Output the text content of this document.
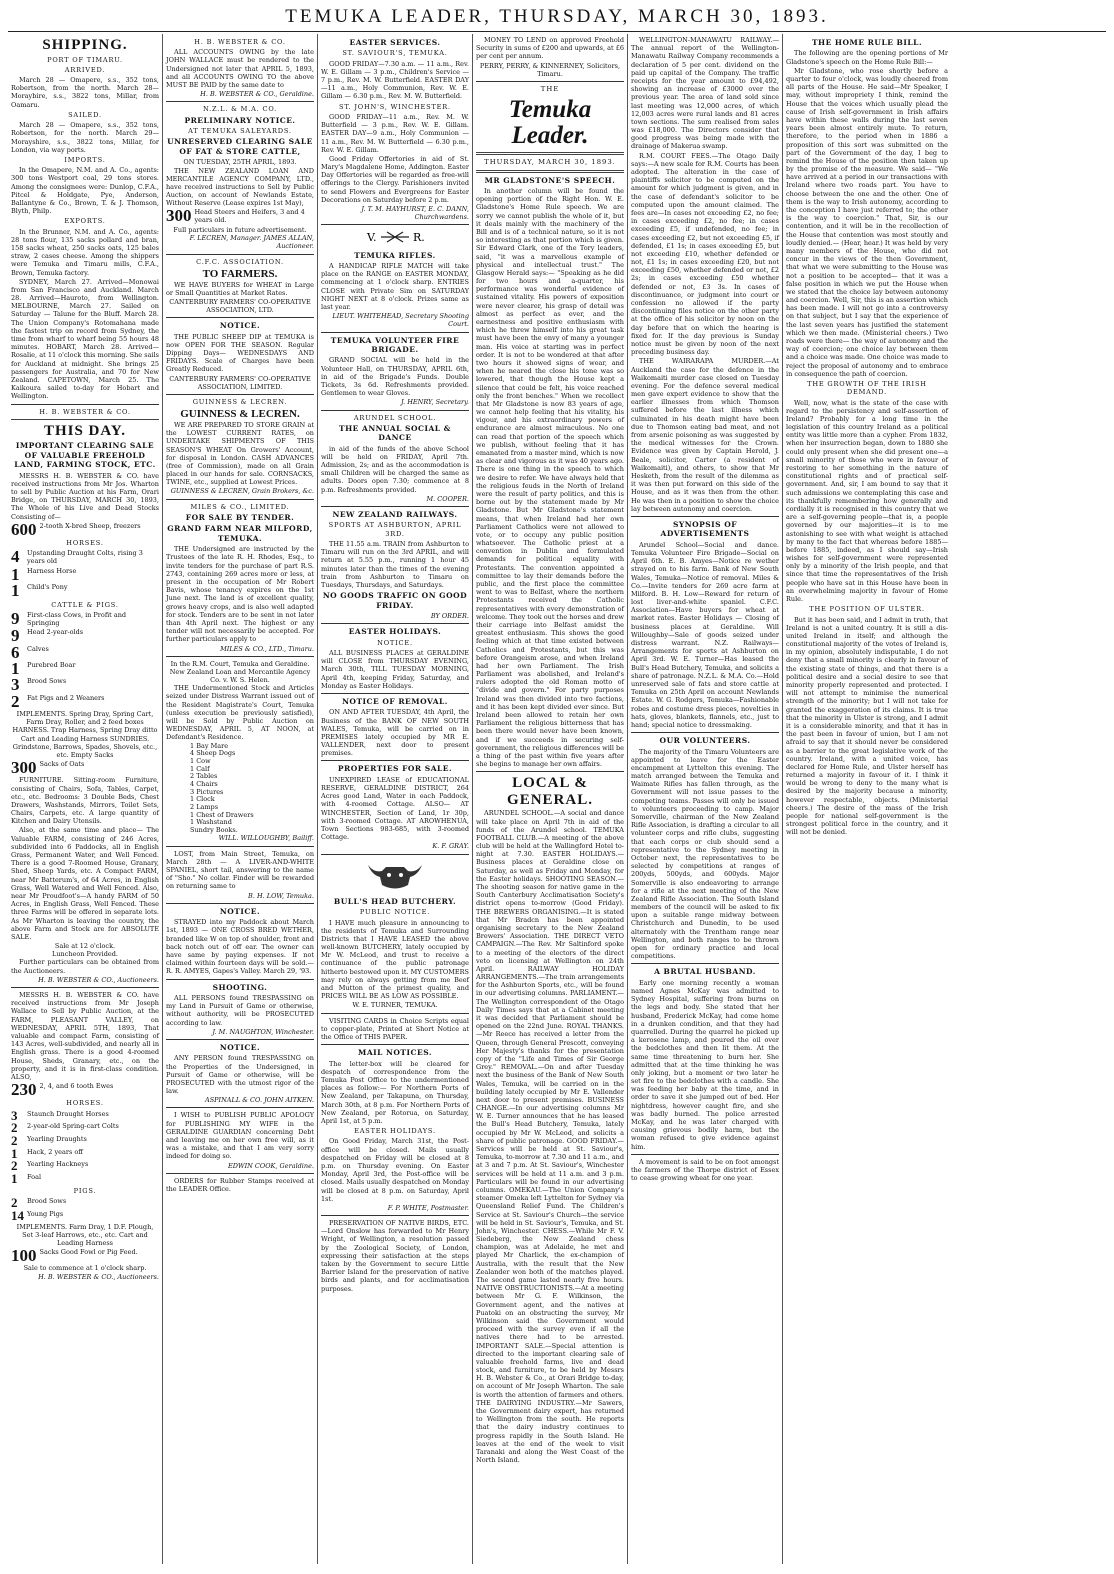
TEMUKA LEADER, THURSDAY, MARCH 30, 1893.
SHIPPING.
PORT OF TIMARU.
ARRIVED.
March 28 — Omapere, s.s., 352 tons, Robertson, from the north. March 28—Moraybire, s.s., 3822 tons, Millar, from Oamaru.
SAILED.
March 28 — Omapere, s.s., 352 tons, Robertson, for the north. March 29—Morayshire, s.s., 3822 tons, Millar, for London, via way ports.
IMPORTS.
In the Omapere, N.M. and A. Co., agents: 300 tons Westport coal, 29 tons stores. Among the consignees were: Dunlop, C.F.A., Pitcel & Holdgate, Pye, Anderson, Ballantyne & Co., Brown, T. & J. Thomson, Blyth, Philp.
EXPORTS.
In the Brunner, N.M. and A. Co., agents: 28 tons flour, 135 sacks pollard and bran, 158 sacks wheat, 250 sacks oats, 125 bales straw, 2 cases cheese. Among the shippers were Temuka and Timaru mills, C.F.A., Brown, Temuka factory.
SYDNEY, March 27. Arrived—Monowai from San Francisco and Auckland. March 28. Arrived—Hauroto, from Wellington. MELBOURNE, March 27. Sailed on Saturday — Talune for the Bluff. March 28. The Union Company's Rotomahana made the fastest trip on record from Sydney, the time from wharf to wharf being 55 hours 48 minutes. HOBART, March 28. Arrived—Rosalie, at 11 o'clock this morning. She sails for Auckland at midnight. She brings 25 passengers for Australia, and 70 for New Zealand. CAPETOWN, March 25. The Kaikoura sailed to-day for Hobart and Wellington.
H. B. WEBSTER & CO.
THIS DAY.
IMPORTANT CLEARING SALE OF VALUABLE FREEHOLD LAND, FARMING STOCK, ETC.
MESSRS H. B. WEBSTER & CO. have received instructions from Mr Jos. Wharton to sell by Public Auction at his Farm, Orari Bridge, on THURSDAY, MARCH 30, 1893, The Whole of his Live and Dead Stocks Consisting of—
600 2-tooth X-bred Sheep, freezers
HORSES.
4	Upstanding Draught Colts, rising 3 years old
1	Harness Horse
1	Child's Pony
CATTLE & PIGS.
9	First-class Cows, in Profit and Springing
9	Head 2-year-olds
6	Calves
1	Purebred Boar
3	Brood Sows
2	Fat Pigs and 2 Weaners
IMPLEMENTS. Spring Dray, Spring Cart, Farm Dray, Roller, and 2 feed boxes HARNESS. Trap Harness, Spring Dray ditto Cart and Leading Harness SUNDRIES. Grindstone, Barrows, Spades, Shovels, etc., etc. Empty Sacks
300 Sacks of Oats
FURNITURE. Sitting-room Furniture, consisting of Chairs, Sofa, Tables, Carpet, etc., etc. Bedrooms: 3 Double Beds, Chest Drawers, Washstands, Mirrors, Toilet Sets, Chairs, Carpets, etc. A large quantity of Kitchen and Dairy Utensils.
Also, at the same time and place— The Valuable FARM, consisting of 246 Acres, subdivided into 6 Paddocks, all in English Grass, Permanent Water, and Well Fenced. There is a good 7-Roomed House, Granary, Shed, Sheep Yards, etc. A Compact FARM, near Mr Batterum's, of 64 Acres, in English Grass, Well Watered and Well Fenced. Also, near Mr Proudfoot's—A handy FARM of 50 Acres, in English Grass, Well Fenced. These three Farms will be offered in separate lots. As Mr Wharton is leaving the country, the above Farm and Stock are for ABSOLUTE SALE.
Sale at 12 o'clock.
Luncheon Provided.
Further particulars can be obtained from the Auctioneers.
H. B. WEBSTER & CO., Auctioneers.
MESSRS H. B. WEBSTER & CO. have received instructions from Mr Joseph Wallace to Sell by Public Auction, at the FARM, PLEASANT VALLEY, on WEDNESDAY, APRIL 5TH, 1893, That valuable and compact Farm, consisting of 143 Acres, well-subdivided, and nearly all in English grass. There is a good 4-roomed House, Sheds, Granary, etc., on the property, and it is in first-class condition. ALSO,
230 2, 4, and 6 tooth Ewes
HORSES.
3	Staunch Draught Horses
2	2-year-old Spring-cart Colts
2	Yearling Draughts
1	Hack, 2 years off
2	Yearling Hackneys
1	Foal
PIGS.
2	Brood Sows
14 Young Pigs
IMPLEMENTS. Farm Dray, 1 D.F. Plough, Set 3-leaf Harrows, etc., etc. Cart and Leading Harness
100 Sacks Good Fowl or Pig Feed.
Sale to commence at 1 o'clock sharp.
H. B. WEBSTER & CO., Auctioneers.
H. B. WEBSTER & CO.
ALL ACCOUNTS OWING by the late JOHN WALLACE must be rendered to the Undersigned not later that APRIL 5, 1893, and all ACCOUNTS OWING TO the above MUST BE PAID by the same date to
H. B. WEBSTER & CO., Geraldine.
N.Z.L. & M.A. CO.
PRELIMINARY NOTICE.
AT TEMUKA SALEYARDS.
UNRESERVED CLEARING SALE OF FAT & STORE CATTLE,
ON TUESDAY, 25TH APRIL, 1893.
THE NEW ZEALAND LOAN AND MERCANTILE AGENCY COMPANY, LTD., have received instructions to Sell by Public Auction, on account of Newlands Estate, Without Reserve (Lease expires 1st May),
300 Head Steers and Heifers, 3 and 4 years old.
Full particulars in future advertisement.
F. LECREN, Manager. JAMES ALLAN, Auctioneer.
C.F.C. ASSOCIATION.
TO FARMERS.
WE HAVE BUYERS for WHEAT in Large or Small Quantities at Market Rates.
CANTERBURY FARMERS' CO-OPERATIVE ASSOCIATION, LTD.
NOTICE.
THE PUBLIC SHEEP DIP at TEMUKA is now OPEN FOR THE SEASON. Regular Dipping Days— WEDNESDAYS AND FRIDAYS. Scale of Charges have been Greatly Reduced.
CANTERBURY FARMERS' CO-OPERATIVE ASSOCIATION, LIMITED.
GUINNESS & LECREN.
GUINNESS & LECREN.
WE ARE PREPARED TO STORE GRAIN at the LOWEST CURRENT RATES, on UNDERTAKE SHIPMENTS OF THIS SEASON'S WHEAT On Growers' Account, for disposal in London. CASH ADVANCES (free of Commission), made on all Grain placed in our hands for sale. CORNSACKS, TWINE, etc., supplied at Lowest Prices.
GUINNESS & LECREN, Grain Brokers, &c.
MILES & CO., LIMITED.
FOR SALE BY TENDER.
GRAND FARM NEAR MILFORD, TEMUKA.
THE Undersigned are instructed by the Trustees of the late R. H. Rhodes, Esq., to invite tenders for the purchase of part R.S. 2743, containing 269 acres more or less, at present in the occupation of Mr Robert Bavis, whose tenancy expires on the 1st June next. The land is of excellent quality, grows heavy crops, and is also well adapted for stock. Tenders are to be sent in not later than 4th April next. The highest or any tender will not necessarily be accepted. For further particulars apply to
MILES & CO., LTD., Timaru.
In the R.M. Court, Temuka and Geraldine. New Zealand Loan and Mercantile Agency Co. v. W. S. Helen.
THE Undermentioned Stock and Articles seized under Distress Warrant issued out of the Resident Magistrate's Court, Temuka (unless execution be previously satisfied), will be Sold by Public Auction on WEDNESDAY, APRIL 5, AT NOON, at Defendant's Residence.
1 Bay Mare
4 Sheep Dogs
1 Cow
1 Calf
2 Tables
4 Chairs
3 Pictures
1 Clock
2 Lamps
1 Chest of Drawers
1 Washstand
Sundry Books.
WILL. WILLOUGHBY, Bailiff.
LOST, from Main Street, Temuka, on March 28th — A LIVER-AND-WHITE SPANIEL, short tail, answering to the name of "Sho." No collar. Finder will be rewarded on returning same to
B. H. LOW, Temuka.
NOTICE.
STRAYED into my Paddock about March 1st, 1893 — ONE CROSS BRED WETHER, branded like W on top of shoulder, front and back notch out of off ear. The owner can have same by paying expenses. If not claimed within fourteen days will be sold.—R. R. AMYES, Gapes's Valley. March 29, '93.
SHOOTING.
ALL PERSONS found TRESPASSING on my Land in Pursuit of Game or otherwise, without authority, will be PROSECUTED according to law.
J. M. NAUGHTON, Winchester.
NOTICE.
ANY PERSON found TRESPASSING on the Properties of the Undersigned, in Pursuit of Game or otherwise, will be PROSECUTED with the utmost rigor of the law.
ASPINALL & CO. JOHN AITKEN.
I WISH to PUBLISH PUBLIC APOLOGY for PUBLISHING MY WIFE in the GERALDINE GUARDIAN concerning Debt and leaving me on her own free will, as it was a mistake, and that I am very sorry indeed for doing so.
EDWIN COOK, Geraldine.
ORDERS for Rubber Stamps received at the LEADER Office.
EASTER SERVICES.
ST. SAVIOUR'S, TEMUKA.
GOOD FRIDAY—7.30 a.m. — 11 a.m., Rev. W. E. Gillam — 3 p.m., Children's Service — 7 p.m., Rev. M. W. Butterfield. EASTER DAY—11 a.m., Holy Communion, Rev. W. E. Gillam — 6.30 p.m., Rev. M. W. Butterfield.
ST. JOHN'S, WINCHESTER.
GOOD FRIDAY—11 a.m., Rev. M. W. Butterfield — 3 p.m., Rev. W. E. Gillam. EASTER DAY—9 a.m., Holy Communion — 11 a.m., Rev. M. W. Butterfield — 6.30 p.m., Rev. W. E. Gillam.
Good Friday Offertories in aid of St. Mary's Magdalene Home, Addington. Easter Day Offertories will be regarded as free-will offerings to the Clergy. Parishioners invited to send Flowers and Evergreens for Easter Decorations on Saturday before 2 p.m.
J. T. M. HAYHURST, E. C. DANN, Churchwardens.
V.	R.
TEMUKA RIFLES.
A HANDICAP RIFLE MATCH will take place on the RANGE on EASTER MONDAY, commencing at 1 o'clock sharp. ENTRIES CLOSE with Private Sim on SATURDAY NIGHT NEXT at 8 o'clock. Prizes same as last year.
LIEUT. WHITEHEAD, Secretary Shooting Court.
TEMUKA VOLUNTEER FIRE BRIGADE.
GRAND SOCIAL will be held in the Volunteer Hall, on THURSDAY, APRIL 6th, in aid of the Brigade's Funds. Double Tickets, 3s 6d. Refreshments provided. Gentlemen to wear Gloves.
J. HENRY, Secretary.
ARUNDEL SCHOOL.
THE ANNUAL SOCIAL & DANCE
in aid of the funds of the above School will be held on FRIDAY, April 7th. Admission, 2s; and as the accommodation is small Children will be charged the same as adults. Doors open 7.30; commence at 8 p.m. Refreshments provided.
M. COOPER.
NEW ZEALAND RAILWAYS.
SPORTS AT ASHBURTON, APRIL 3RD.
THE 11.55 a.m. TRAIN from Ashburton to Timaru will run on the 3rd APRIL, and will return at 5.55 p.m., running 1 hour 45 minutes later than the times of the evening train from Ashburton to Timaru on Tuesdays, Thursdays, and Saturdays.
NO GOODS TRAFFIC ON GOOD FRIDAY.
BY ORDER.
EASTER HOLIDAYS.
NOTICE.
ALL BUSINESS PLACES at GERALDINE will CLOSE from THURSDAY EVENING, March 30th, TILL TUESDAY MORNING, April 4th, keeping Friday, Saturday, and Monday as Easter Holidays.
NOTICE OF REMOVAL.
ON AND AFTER TUESDAY, 4th April, the Business of the BANK OF NEW SOUTH WALES, Temuka, will be carried on in PREMISES lately occupied by MR E. VALLENDER, next door to present premises.
PROPERTIES FOR SALE.
UNEXPIRED LEASE of EDUCATIONAL RESERVE, GERALDINE DISTRICT, 264 Acres good Land, Water in each Paddock, with 4-roomed Cottage. ALSO— AT WINCHESTER, Section of Land, 1r 30p, with 3-roomed Cottage. AT AROWHENUA, Town Sections 983-685, with 3-roomed Cottage.
K. F. GRAY.
BULL'S HEAD BUTCHERY.
PUBLIC NOTICE.
I HAVE much pleasure in announcing to the residents of Temuka and Surrounding Districts that I HAVE LEASED the above well-known BUTCHERY, lately occupied by Mr W. McLeod, and trust to receive a continuance of the public patronage hitherto bestowed upon it. MY CUSTOMERS may rely on always getting from me Beef and Mutton of the primest quality, and PRICES WILL BE AS LOW AS POSSIBLE.
W. E. TURNER, TEMUKA.
VISITING CARDS in Choice Scripts equal to copper-plate, Printed at Short Notice at the Office of THIS PAPER.
MAIL NOTICES.
The letter-box will be cleared for despatch of correspondence from the Temuka Post Office to the undermentioned places as follow:— For Northern Ports of New Zealand, per Takapuna, on Thursday, March 30th, at 8 p.m. For Northern Ports of New Zealand, per Rotorua, on Saturday, April 1st, at 5 p.m.
EASTER HOLIDAYS.
On Good Friday, March 31st, the Post-office will be closed. Mails usually despatched on Friday will be closed at 8 p.m. on Thursday evening. On Easter Monday, April 3rd, the Post-office will be closed. Mails usually despatched on Monday will be closed at 8 p.m. on Saturday, April 1st.
F. P. WHITE, Postmaster.
PRESERVATION OF NATIVE BIRDS, ETC. —Lord Onslow has forwarded to Mr Henry Wright, of Wellington, a resolution passed by the Zoological Society, of London, expressing their satisfaction at the steps taken by the Government to secure Little Barrier Island for the preservation of native birds and plants, and for acclimatisation purposes.
MONEY TO LEND on approved Freehold Security in sums of £200 and upwards, at £6 per cent per annum.
PERRY, PERRY, & KINNERNEY, Solicitors, Timaru.
THE
Temuka Leader.
THURSDAY, MARCH 30, 1893.
MR GLADSTONE'S SPEECH.
In another column will be found the opening portion of the Right Hon. W. E. Gladstone's Home Rule speech. We are sorry we cannot publish the whole of it, but it deals mainly with the machinery of the Bill and is of a technical nature, so it is not so interesting as that portion which is given. Sir Edward Clark, one of the Tory leaders, said, "it was a marvellous example of physical and intellectual trust." The Glasgow Herald says:— "Speaking as he did for two hours and a-quarter, his performance was wonderful evidence of sustained vitality. His powers of exposition were never clearer, his grasp of detail was almost as perfect as ever, and the earnestness and positive enthusiasm with which he threw himself into his great task must have been the envy of many a younger man. His voice at starting was in perfect order. It is not to be wondered at that after two hours it showed signs of wear, and when he neared the close his tone was so lowered, that though the House kept a silence that could be felt, his voice reached only the front benches." When we recollect that Mr Gladstone is now 83 years of age, we cannot help feeling that his vitality, his vigour, and his extraordinary powers of endurance are almost miraculous. No one can read that portion of the speech which we publish, without feeling that it has emanated from a master mind, which is now as clear and vigorous as it was 40 years ago. There is one thing in the speech to which we desire to refer. We have always held that the religious feuds in the North of Ireland were the result of party politics, and this is borne out by the statement made by Mr Gladstone. But Mr Gladstone's statement means, that when Ireland had her own Parliament Catholics were not allowed to vote, or to occupy any public position whatsoever. The Catholic priest at a convention in Dublin and formulated demands for political equality with Protestants. The convention appointed a committee to lay their demands before the public, and the first place the committee went to was to Belfast, where the northern Protestants received the Catholic representatives with every demonstration of welcome. They took out the horses and drew their carriage into Belfast amidst the greatest enthusiasm. This shows the good feeling which at that time existed between Catholics and Protestants, but this was before Orangeism arose, and when Ireland had her own Parliament. The Irish Parliament was abolished, and Ireland's rulers adopted the old Roman motto of "divide and govern." For party purposes Ireland was then divided into two factions, and it has been kept divided ever since. But Ireland been allowed to retain her own Parliament the religious bitterness that has been there would never have been known, and if we succeeds in securing self-government, the religious differences will be a thing of the past within five years after she begins to manage her own affairs.
LOCAL & GENERAL.
ARUNDEL SCHOOL.—A social and dance will take place on April 7th in aid of the funds of the Arundel school. TEMUKA FOOTBALL CLUB.—A meeting of the above club will be held at the Wallingford Hotel to-night at 7.30. EASTER HOLIDAYS.—Business places at Geraldine close on Saturday, as well as Friday and Monday, for the Easter holidays. SHOOTING SEASON.—The shooting season for native game in the South Canterbury Acclimatisation Society's district opens to-morrow (Good Friday). THE BREWERS ORGANISING.—It is stated that Mr Bradcn has been appointed organising secretary to the New Zealand Brewers' Association. THE DIRECT VETO CAMPAIGN.—The Rev. Mr Saltinford spoke to a meeting of the electors of the direct veto on licensing at Wellington on 24th April. RAILWAY HOLIDAY ARRANGEMENTS.—The train arrangements for the Ashburton Sports, etc., will be found in our advertising columns. PARLIAMENT.—The Wellington correspondent of the Otago Daily Times says that at a Cabinet meeting it was decided that Parliament should be opened on the 22nd June. ROYAL THANKS.—Mr Reece has received a letter from the Queen, through General Prescott, conveying Her Majesty's thanks for the presentation copy of the "Life and Times of Sir George Grey." REMOVAL.—On and after Tuesday next the business of the Bank of New South Wales, Temuka, will be carried on in the building lately occupied by Mr E. Vallender next door to present premises. BUSINESS CHANGE.—In our advertising columns Mr W. E. Turner announces that he has leased the Bull's Head Butchery, Temuka, lately occupied by Mr W. McLeod, and solicits a share of public patronage. GOOD FRIDAY.—Services will be held at St. Saviour's, Temuka, to-morrow at 7.30 and 11 a.m., and at 3 and 7 p.m. At St. Saviour's, Winchester services will be held at 11 a.m. and 3 p.m. Particulars will be found in our advertising columns. OMEKAU.—The Union Company's steamer Omeka left Lyttelton for Sydney via Queensland Relief Fund. The Children's Service at St. Saviour's Church—the service will be held in St. Saviour's, Temuka, and St. John's, Winchester. CHESS.—While Mr F. V. Siedeberg, the New Zealand chess champion, was at Adelaide, he met and played Mr Charlick, the ex-champion of Australia, with the result that the New Zealander won both of the matches played. The second game lasted nearly five hours. NATIVE OBSTRUCTIONISTS.—At a meeting between Mr G. F. Wilkinson, the Government agent, and the natives at Puatoki on an obstructing the survey, Mr Wilkinson said the Government would proceed with the survey even if all the natives there had to be arrested. IMPORTANT SALE.—Special attention is directed to the important clearing sale of valuable freehold farms, live and dead stock, and furniture, to be held by Messrs H. B. Webster & Co., at Orari Bridge to-day, on account of Mr Joseph Wharton. The sale is worth the attention of farmers and others. THE DAIRYING INDUSTRY.—Mr Sawers, the Government dairy expert, has returned to Wellington from the south. He reports that the dairy industry continues to progress rapidly in the South Island. He leaves at the end of the week to visit Taranaki and along the West Coast of the North Island.
WELLINGTON-MANAWATU RAILWAY.—The annual report of the Wellington-Manawatu Railway Company recommends a declaration of 5 per cent. dividend on the paid up capital of the Company. The traffic receipts for the year amount to £94,492, showing an increase of £3000 over the previous year. The area of land sold since last meeting was 12,000 acres, of which 12,003 acres were rural lands and 81 acres town sections. The sum realised from sales was £18,000. The Directors consider that good progress was being made with the drainage of Makerua swamp.
R.M. COURT FEES.—The Otago Daily says:—A new scale for R.M. Courts has been adopted. The alteration in the case of plaintiffs solicitor to be computed on the amount for which judgment is given, and in the case of defendant's solicitor to be computed upon the amount claimed. The fees are—In cases not exceeding £2, no fee; in cases exceeding £2, no fee; in cases exceeding £5, if undefended, no fee; in cases exceeding £2, but not exceeding £5, if defended, £1 1s; in cases exceeding £5, but not exceeding £10, whether defended or not, £1 1s; in cases exceeding £20, but not exceeding £50, whether defended or not, £2 2s; in cases exceeding £50 whether defended or not, £3 3s. In cases of discontinuance, or judgment into court or confession no allowed if the party discontinuing files notice on the other party at the office of his solicitor by noon on the day before that on which the hearing is fixed for. If the day previous is Sunday notice must be given by noon of the next preceding business day.
THE WAIRARAPA MURDER.—At Auckland the case for the defence in the Waikomaiti murder case closed on Tuesday evening. For the defence several medical men gave expert evidence to show that the earlier illnesses from which Thomson suffered before the last illness which culminated in his death might have been due to Thomson eating bad meat, and not from arsenic poisoning as was suggested by the medical witnesses for the Crown. Evidence was given by Captain Herold, J. Beale, solicitor, Carter (a resident of Waikomaiti), and others, to show that Mr Hesketh, from the result of the dilemma as it was then put forward on this side of the House, and as it was then from the other. He was then in a position to show the choice lay between autonomy and coercion.
SYNOPSIS OF ADVERTISEMENTS
Arundel School—Social and dance. Temuka Volunteer Fire Brigade—Social on April 6th. E. B. Amyes—Notice re wether strayed on to his farm. Bank of New South Wales, Temuka—Notice of removal. Miles & Co.—Invite tenders for 269 acre farm at Milford. B. H. Low—Reward for return of lost liver-and-white spaniel. C.F.C. Association—Have buyers for wheat at market rates. Easter Holidays — Closing of business places at Geraldine. Will Willoughby—Sale of goods seized under distress warrant. N.Z. Railways—Arrangements for sports at Ashburton on April 3rd. W. E. Turner—Has leased the Bull's Head Butchery, Temuka, and solicits a share of patronage. N.Z.L. & M.A. Co.—Hold unreserved sale of fats and store cattle at Temuka on 25th April on account Newlands Estate. W. G. Rodgers, Temuka—Fashionable robes and costume dress pieces, novelties in hats, gloves, blankets, flannels, etc., just to hand; special notice to dressmaking.
OUR VOLUNTEERS.
The majority of the Timaru Volunteers are appointed to leave for the Easter encampment at Lyttelton this evening. The match arranged between the Temuka and Waimate Rifles has fallen through, as the Government will not issue passes to the competing teams. Passes will only be issued to volunteers proceeding to camp. Major Somerville, chairman of the New Zealand Rifle Association, is drafting a circular to all volunteer corps and rifle clubs, suggesting that each corps or club should send a representative to the Sydney meeting in October next, the representatives to be selected by competitions at ranges of 200yds, 500yds, and 600yds. Major Somerville is also endeavoring to arrange for a rifle at the next meeting of the New Zealand Rifle Association. The South Island members of the council will be asked to fix upon a suitable range midway between Christchurch and Dunedin, to be used alternately with the Trentham range near Wellington, and both ranges to be thrown open for ordinary practice and local competitions.
A BRUTAL HUSBAND.
Early one morning recently a woman named Agnes McKay was admitted to Sydney Hospital, suffering from burns on the legs and body. She stated that her husband, Frederick McKay, had come home in a drunken condition, and that they had quarrelled. During the quarrel he picked up a kerosene lamp, and poured the oil over the bedclothes and then lit them. At the same time threatening to burn her. She admitted that at the time thinking he was only joking, but a moment or two later he set fire to the bedclothes with a candle. She was feeding her baby at the time, and in order to save it she jumped out of bed. Her nightdress, however caught fire, and she was badly burned. The police arrested McKay, and he was later charged with causing grievous bodily harm, but the woman refused to give evidence against him.
A movement is said to be on foot amongst the farmers of the Thorpe district of Essex to cease growing wheat for one year.
THE HOME RULE BILL.
The following are the opening portions of Mr Gladstone's speech on the Home Rule Bill:—
Mr Gladstone, who rose shortly before a quarter to four o'clock, was loudly cheered from all parts of the House. He said—Mr Speaker, I may, without impropriety I think, remind the House that the voices which usually plead the cause of Irish self-government in Irish affairs have within these walls during the last seven years been almost entirely mute. To return, therefore, to the period when in 1886 a proposition of this sort was submitted on the part of the Government of the day, I beg to remind the House of the position then taken up by the promise of the measure. We said— "We have arrived at a period in our transactions with Ireland where two roads part. You have to choose between the one and the other. One of them is the way to Irish autonomy, according to the conception I have just referred to; the other is the way to coercion." That, Sir, is our contention, and it will be in the recollection of the House that contention was most stoutly and loudly denied.— (Hear, hear.) It was held by very many members of the House, who did not concur in the views of the then Government, that what we were submitting to the House was not a position to be accepted— that it was a false position in which we put the House when we stated that the choice lay between autonomy and coercion. Well, Sir, this is an assertion which has been made. I will not go into a controversy on that subject, but I say that the experience of the last seven years has justified the statement which we then made. (Ministerial cheers.) Two roads were there— the way of autonomy and the way of coercion; one choice lay between them and a choice was made. One choice was made to reject the proposal of autonomy and to embrace in consequence the path of coercion.
THE GROWTH OF THE IRISH DEMAND.
Well, now, what is the state of the case with regard to the persistency and self-assertion of Ireland? Probably for a long time in the legislation of this country Ireland as a political entity was little more than a cypher. From 1832, when her insurrection began, down to 1880 she could only present when she did present one—a small minority of those who were in favour of restoring to her something in the nature of constitutional rights and of practical self-government. And, sir, I am bound to say that it such admissions we contemplating this case and its thankfully remembering how generally and cordially it is recognised in this country that we are a self-governing people—that is, a people governed by our majorities—it is to me astonishing to see with what weight is attached by many to the fact that whereas before 1885—before 1885, indeed, as I should say—Irish wishes for self-government were represented only by a minority of the Irish people, and that since that time the representatives of the Irish people who have sat in this House have been in an overwhelming majority in favour of Home Rule.
THE POSITION OF ULSTER.
But it has been said, and I admit in truth, that Ireland is not a united country. It is still a dis-united Ireland in itself; and although the constitutional majority of the votes of Ireland is, in my opinion, absolutely indisputable, I do not deny that a small minority is clearly in favour of the existing state of things, and that there is a political desire and a social desire to see that minority properly represented and protected. I will not attempt to minimise the numerical strength of the minority; but I will not take for granted the exaggeration of its claims. It is true that the minority in Ulster is strong, and I admit it is a considerable minority, and that it has in the past been in favour of union, but I am not afraid to say that it should never be considered as a barrier to the great legislative work of the country. Ireland, with a united voice, has declared for Home Rule, and Ulster herself has returned a majority in favour of it. I think it would be wrong to deny to the many what is desired by the majority because a minority, however respectable, objects. (Ministerial cheers.) The desire of the mass of the Irish people for national self-government is the strongest political force in the country, and it will not be denied.
